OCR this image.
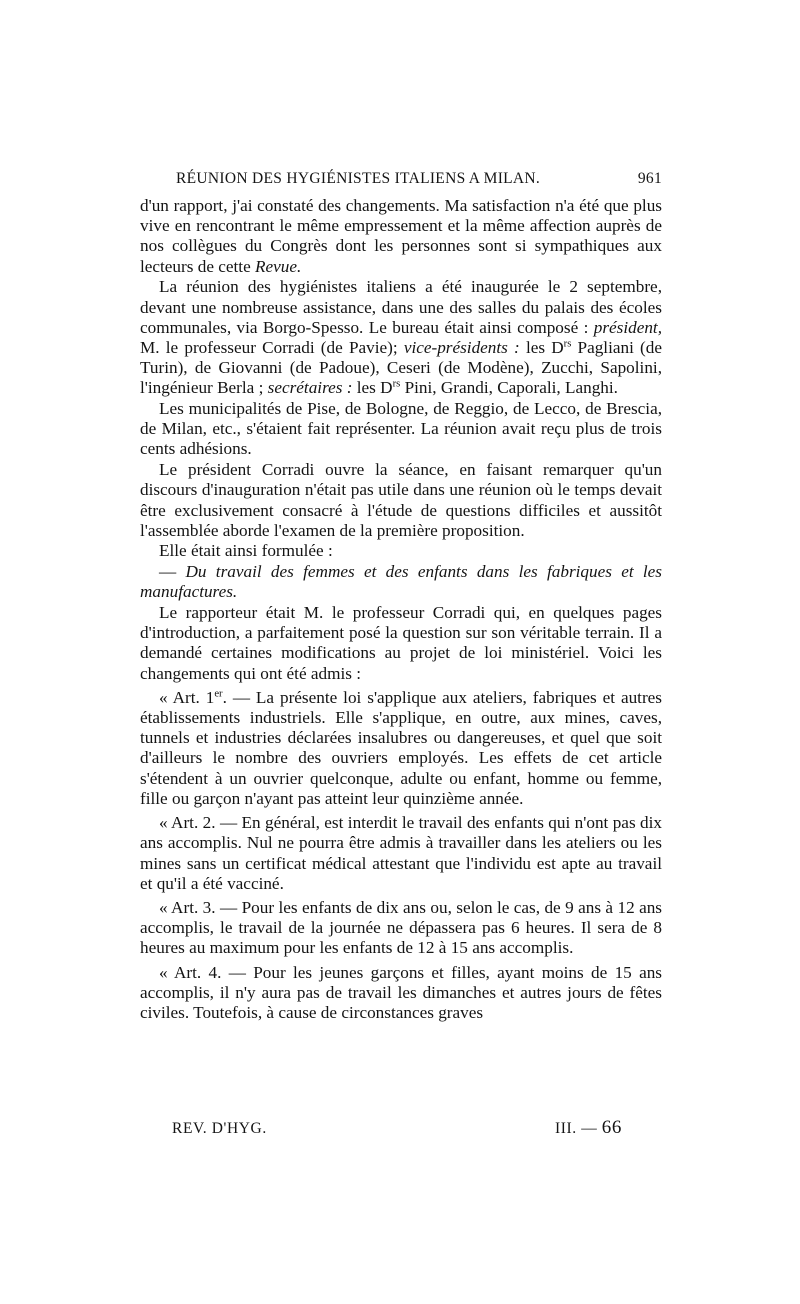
RÉUNION DES HYGIÉNISTES ITALIENS A MILAN.	961

d'un rapport, j'ai constaté des changements. Ma satisfaction n'a été que plus vive en rencontrant le même empressement et la même affection auprès de nos collègues du Congrès dont les personnes sont si sympathiques aux lecteurs de cette Revue.

La réunion des hygiénistes italiens a été inaugurée le 2 septembre, devant une nombreuse assistance, dans une des salles du palais des écoles communales, via Borgo-Spesso. Le bureau était ainsi composé : président, M. le professeur Corradi (de Pavie); vice-présidents : les $D^{rs}$ Pagliani (de Turin), de Giovanni (de Padoue), Ceseri (de Modène), Zucchi, Sapolini, l'ingénieur Berla ; secrétaires : les $D^{rs}$ Pini, Grandi, Caporali, Langhi.

Les municipalités de Pise, de Bologne, de Reggio, de Lecco, de Brescia, de Milan, etc., s'étaient fait représenter. La réunion avait reçu plus de trois cents adhésions.

Le président Corradi ouvre la séance, en faisant remarquer qu'un discours d'inauguration n'était pas utile dans une réunion où le temps devait être exclusivement consacré à l'étude de questions difficiles et aussitôt l'assemblée aborde l'examen de la première proposition.

Elle était ainsi formulée :

— Du travail des femmes et des enfants dans les fabriques et les manufactures.

Le rapporteur était M. le professeur Corradi qui, en quelques pages d'introduction, a parfaitement posé la question sur son véritable terrain. Il a demandé certaines modifications au projet de loi ministériel. Voici les changements qui ont été admis :

« Art. 1er. — La présente loi s'applique aux ateliers, fabriques et autres établissements industriels. Elle s'applique, en outre, aux mines, caves, tunnels et industries déclarées insalubres ou dangereuses, et quel que soit d'ailleurs le nombre des ouvriers employés. Les effets de cet article s'étendent à un ouvrier quelconque, adulte ou enfant, homme ou femme, fille ou garçon n'ayant pas atteint leur quinzième année.

« Art. 2. — En général, est interdit le travail des enfants qui n'ont pas dix ans accomplis. Nul ne pourra être admis à travailler dans les ateliers ou les mines sans un certificat médical attestant que l'individu est apte au travail et qu'il a été vacciné.

« Art. 3. — Pour les enfants de dix ans ou, selon le cas, de 9 ans à 12 ans accomplis, le travail de la journée ne dépassera pas 6 heures. Il sera de 8 heures au maximum pour les enfants de 12 à 15 ans accomplis.

« Art. 4. — Pour les jeunes garçons et filles, ayant moins de 15 ans accomplis, il n'y aura pas de travail les dimanches et autres jours de fêtes civiles. Toutefois, à cause de circonstances graves

REV. D'HYG.	III. — 66
